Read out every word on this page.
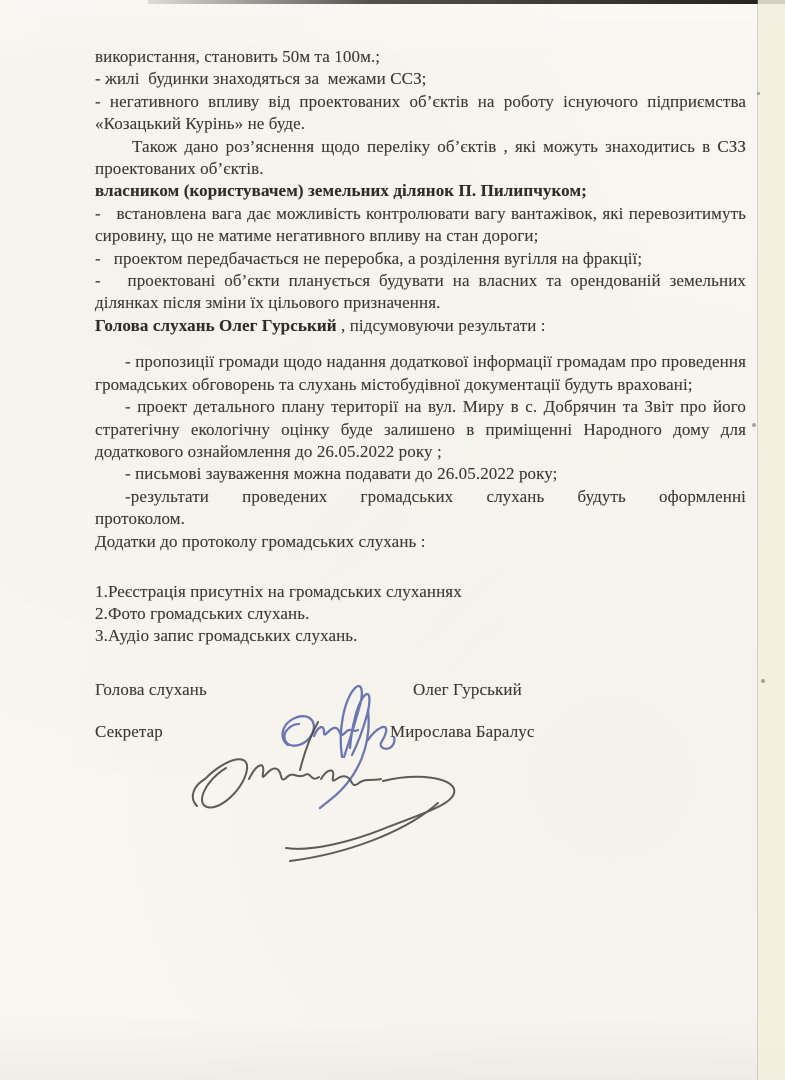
використання, становить 50м та 100м.;

- жилі  будинки знаходяться за  межами ССЗ;

- негативного впливу від проектованих об’єктів на роботу існуючого підприємства «Козацький Курінь» не буде.

Також дано роз’яснення щодо переліку об’єктів , які можуть знаходитись в СЗЗ проектованих об’єктів.

власником (користувачем) земельних ділянок П. Пилипчуком;

-   встановлена вага дає можливість контролювати вагу вантажівок, які перевозитимуть сировину, що не матиме негативного впливу на стан дороги;

-   проектом передбачається не переробка, а розділення вугілля на фракції;

-   проектовані об’єкти планується будувати на власних та орендованій земельних ділянках після зміни їх цільового призначення.

Голова слухань Олег Гурський , підсумовуючи результати :

- пропозиції громади щодо надання додаткової інформації громадам про проведення громадських обговорень та слухань містобудівної документації будуть враховані;

- проект детального плану території на вул. Миру в с. Добрячин та Звіт про його стратегічну екологічну оцінку буде залишено в приміщенні Народного дому для додаткового ознайомлення до 26.05.2022 року ;

- письмові зауваження можна подавати до 26.05.2022 року;

-результати проведених громадських слухань будуть оформленні протоколом.

Додатки до протоколу громадських слухань :

1.Реєстрація присутніх на громадських слуханнях

2.Фото громадських слухань.

3.Аудіо запис громадських слухань.

Голова слухань	Олег Гурський
Секретар	Мирослава Баралус
